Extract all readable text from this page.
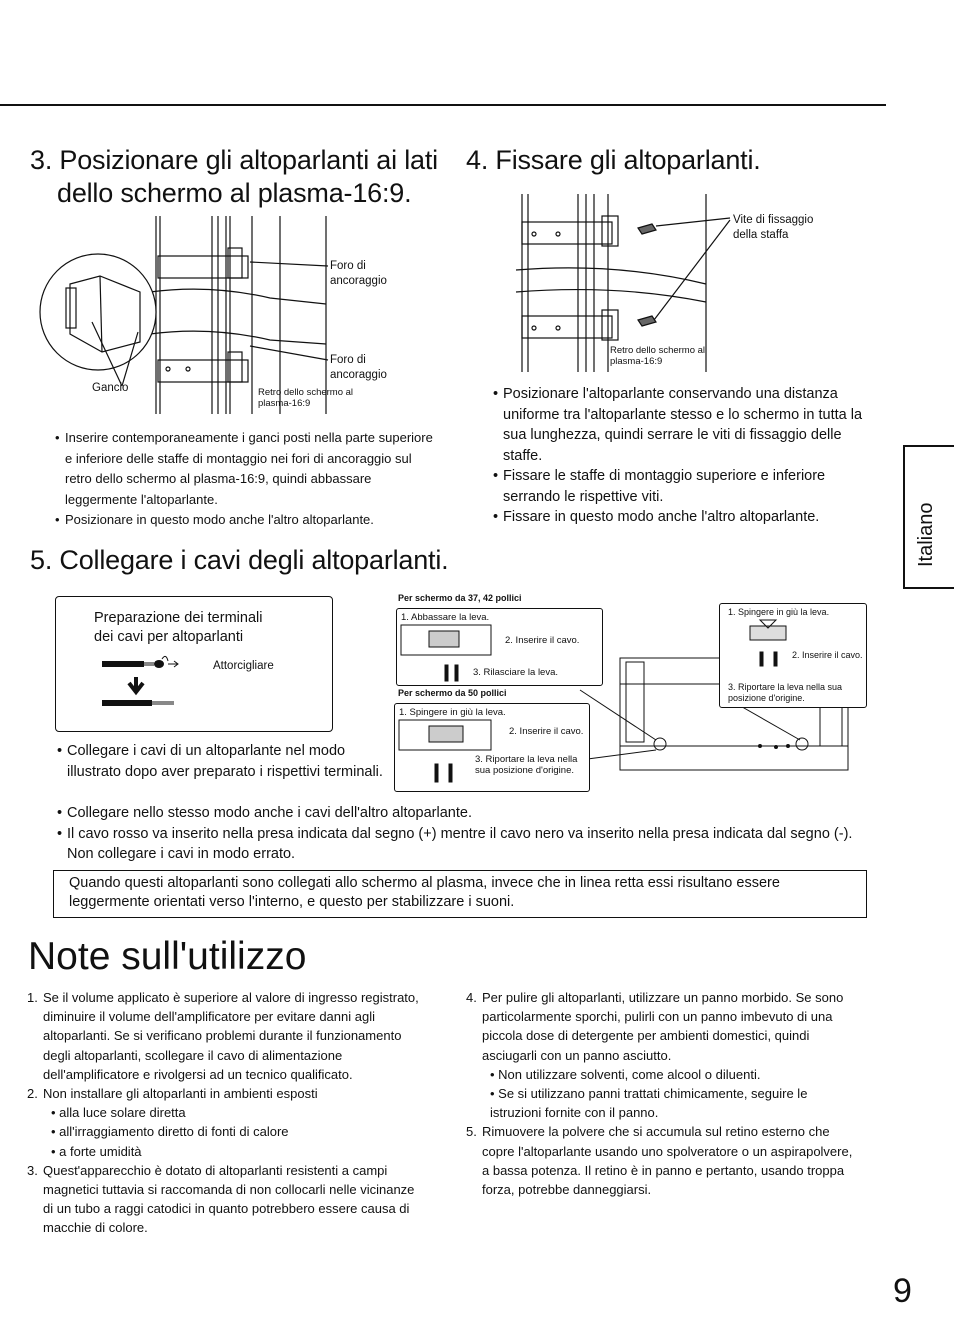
3. Posizionare gli altoparlanti ai lati
dello schermo al plasma-16:9.
Foro di ancoraggio
Foro di ancoraggio
Gancio	Retro dello schermo al plasma-16:9
• Inserire contemporaneamente i ganci posti nella parte superiore e inferiore delle staffe di montaggio nei fori di ancoraggio sul retro dello schermo al plasma-16:9, quindi abbassare leggermente l'altoparlante.
• Posizionare in questo modo anche l'altro altoparlante.
4. Fissare gli altoparlanti.
Vite di fissaggio della staffa
Retro dello schermo al plasma-16:9
• Posizionare l'altoparlante conservando una distanza uniforme tra l'altoparlante stesso e lo schermo in tutta la sua lunghezza, quindi serrare le viti di fissaggio delle staffe.
• Fissare le staffe di montaggio superiore e inferiore serrando le rispettive viti.
• Fissare in questo modo anche l'altro altoparlante.	Italiano
5. Collegare i cavi degli altoparlanti.
Preparazione dei terminali
dei cavi per altoparlanti
Attorcigliare
• Collegare i cavi di un altoparlante nel modo illustrato dopo aver preparato i rispettivi terminali.
Per schermo da 37, 42 pollici
1. Abbassare la leva.
2. Inserire il cavo.
3. Rilasciare la leva.
Per schermo da 50 pollici
1. Spingere in giù la leva.
2. Inserire il cavo.
3. Riportare la leva nella sua posizione d'origine.
1. Spingere in giù la leva.
2. Inserire il cavo.
3. Riportare la leva nella sua posizione d'origine.
• Collegare nello stesso modo anche i cavi dell'altro altoparlante.
• Il cavo rosso va inserito nella presa indicata dal segno (+) mentre il cavo nero va inserito nella presa indicata dal segno (-). Non collegare i cavi in modo errato.

Quando questi altoparlanti sono collegati allo schermo al plasma, invece che in linea retta essi risultano essere leggermente orientati verso l'interno, e questo per stabilizzare i suoni.

Note sull'utilizzo
1. Se il volume applicato è superiore al valore di ingresso registrato, diminuire il volume dell'amplificatore per evitare danni agli altoparlanti. Se si verificano problemi durante il funzionamento degli altoparlanti, scollegare il cavo di alimentazione dell'amplificatore e rivolgersi ad un tecnico qualificato.
2. Non installare gli altoparlanti in ambienti esposti
• alla luce solare diretta
• all'irraggiamento diretto di fonti di calore
• a forte umidità
3. Quest'apparecchio è dotato di altoparlanti resistenti a campi magnetici tuttavia si raccomanda di non collocarli nelle vicinanze di un tubo a raggi catodici in quanto potrebbero essere causa di macchie di colore.
4. Per pulire gli altoparlanti, utilizzare un panno morbido. Se sono particolarmente sporchi, pulirli con un panno imbevuto di una piccola dose di detergente per ambienti domestici, quindi asciugarli con un panno asciutto.
• Non utilizzare solventi, come alcool o diluenti.
• Se si utilizzano panni trattati chimicamente, seguire le istruzioni fornite con il panno.
5. Rimuovere la polvere che si accumula sul retino esterno che copre l'altoparlante usando uno spolveratore o un aspirapolvere, a bassa potenza. Il retino è in panno e pertanto, usando troppa forza, potrebbe danneggiarsi.
9
